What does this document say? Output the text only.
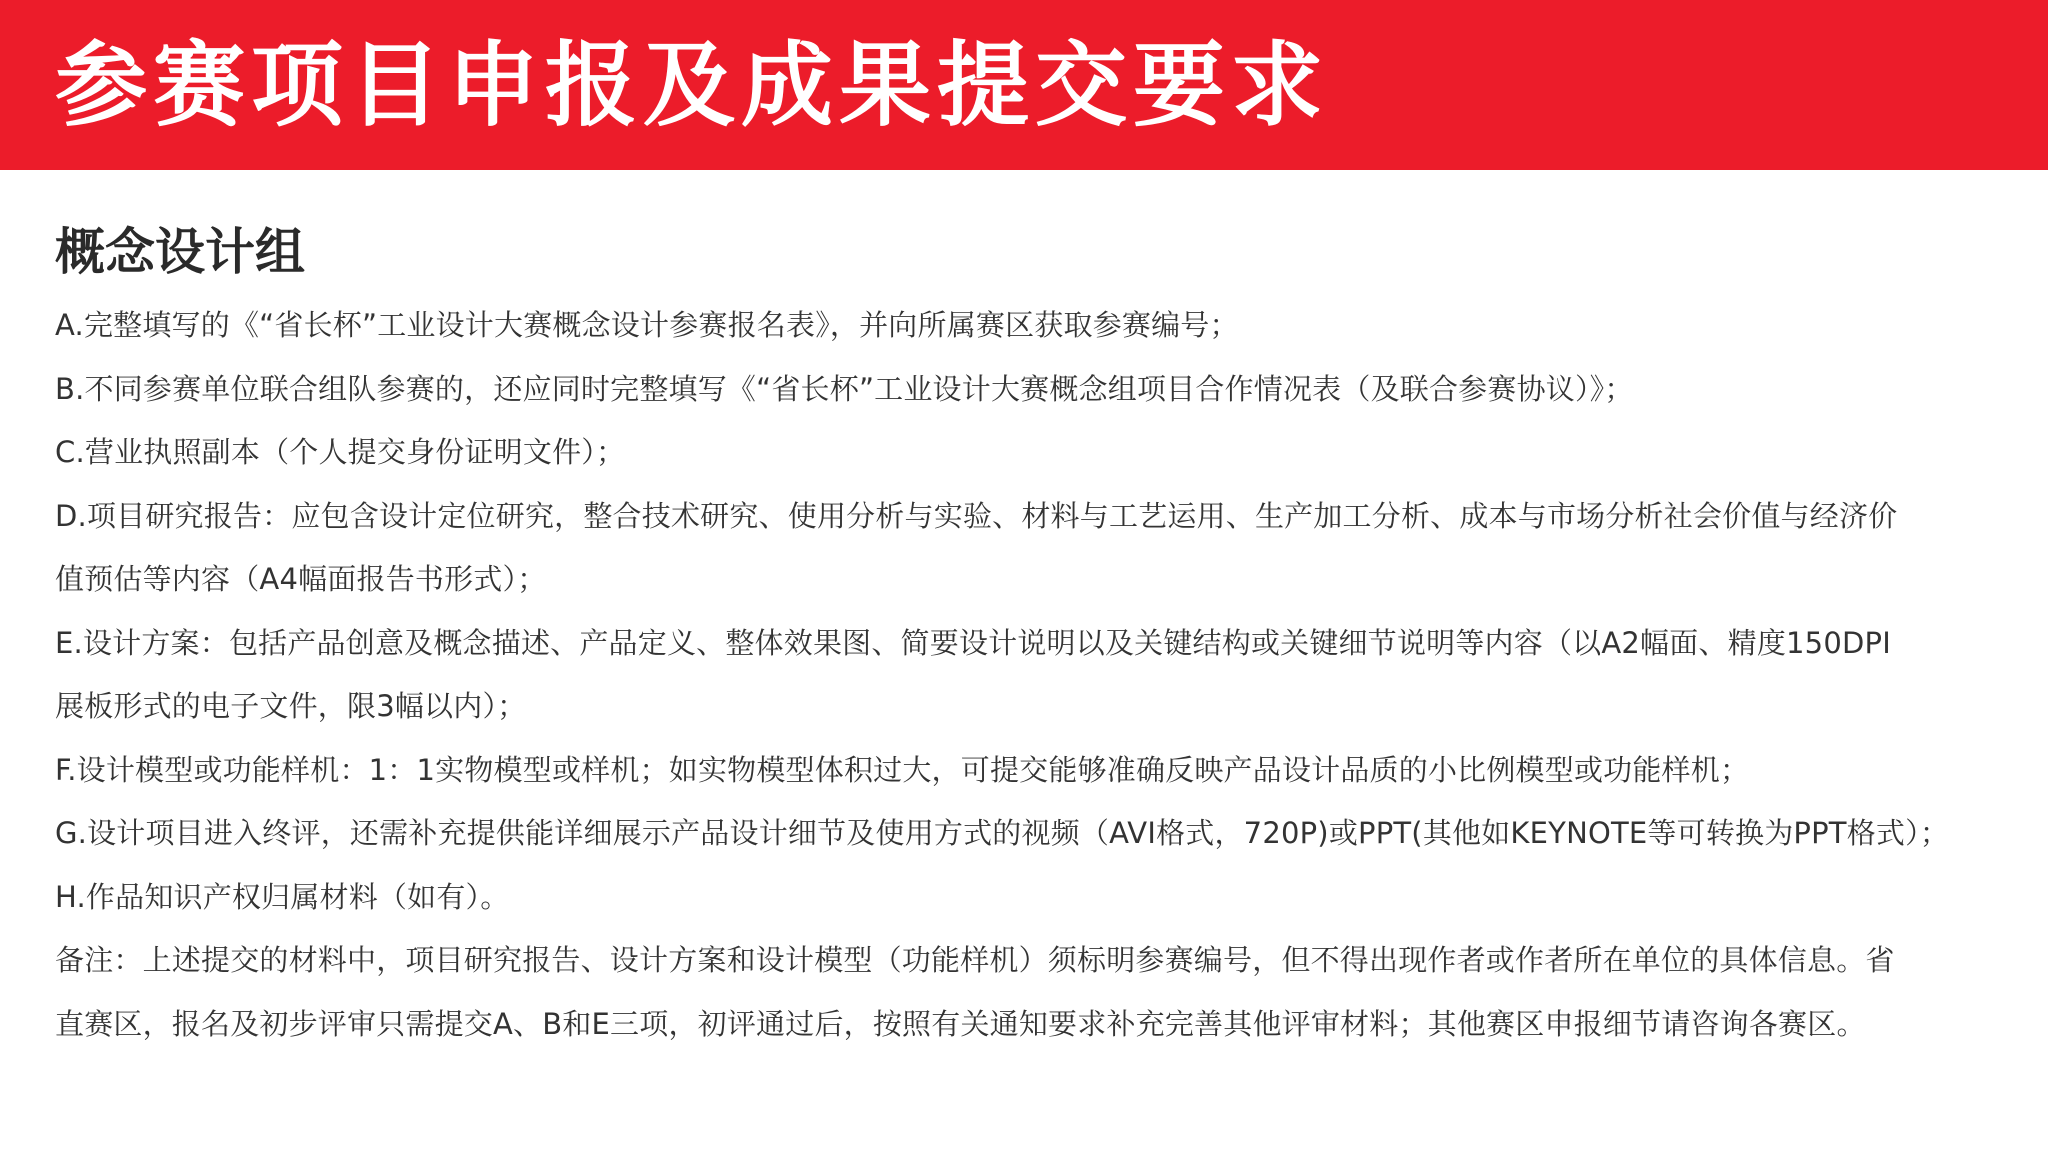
参赛项目申报及成果提交要求
概念设计组
A.完整填写的《“省长杯”工业设计大赛概念设计参赛报名表》，并向所属赛区获取参赛编号；
B.不同参赛单位联合组队参赛的，还应同时完整填写《“省长杯”工业设计大赛概念组项目合作情况表（及联合参赛协议）》；
C.营业执照副本（个人提交身份证明文件）；
D.项目研究报告：应包含设计定位研究，整合技术研究、使用分析与实验、材料与工艺运用、生产加工分析、成本与市场分析社会价值与经济价
值预估等内容（A4幅面报告书形式）；
E.设计方案：包括产品创意及概念描述、产品定义、整体效果图、简要设计说明以及关键结构或关键细节说明等内容（以A2幅面、精度150DPI
展板形式的电子文件，限3幅以内）；
F.设计模型或功能样机：1：1实物模型或样机；如实物模型体积过大，可提交能够准确反映产品设计品质的小比例模型或功能样机；
G.设计项目进入终评，还需补充提供能详细展示产品设计细节及使用方式的视频（AVI格式，720P)或PPT(其他如KEYNOTE等可转换为PPT格式）；
H.作品知识产权归属材料（如有）。
备注：上述提交的材料中，项目研究报告、设计方案和设计模型（功能样机）须标明参赛编号，但不得出现作者或作者所在单位的具体信息。省
直赛区，报名及初步评审只需提交A、B和E三项，初评通过后，按照有关通知要求补充完善其他评审材料；其他赛区申报细节请咨询各赛区。
